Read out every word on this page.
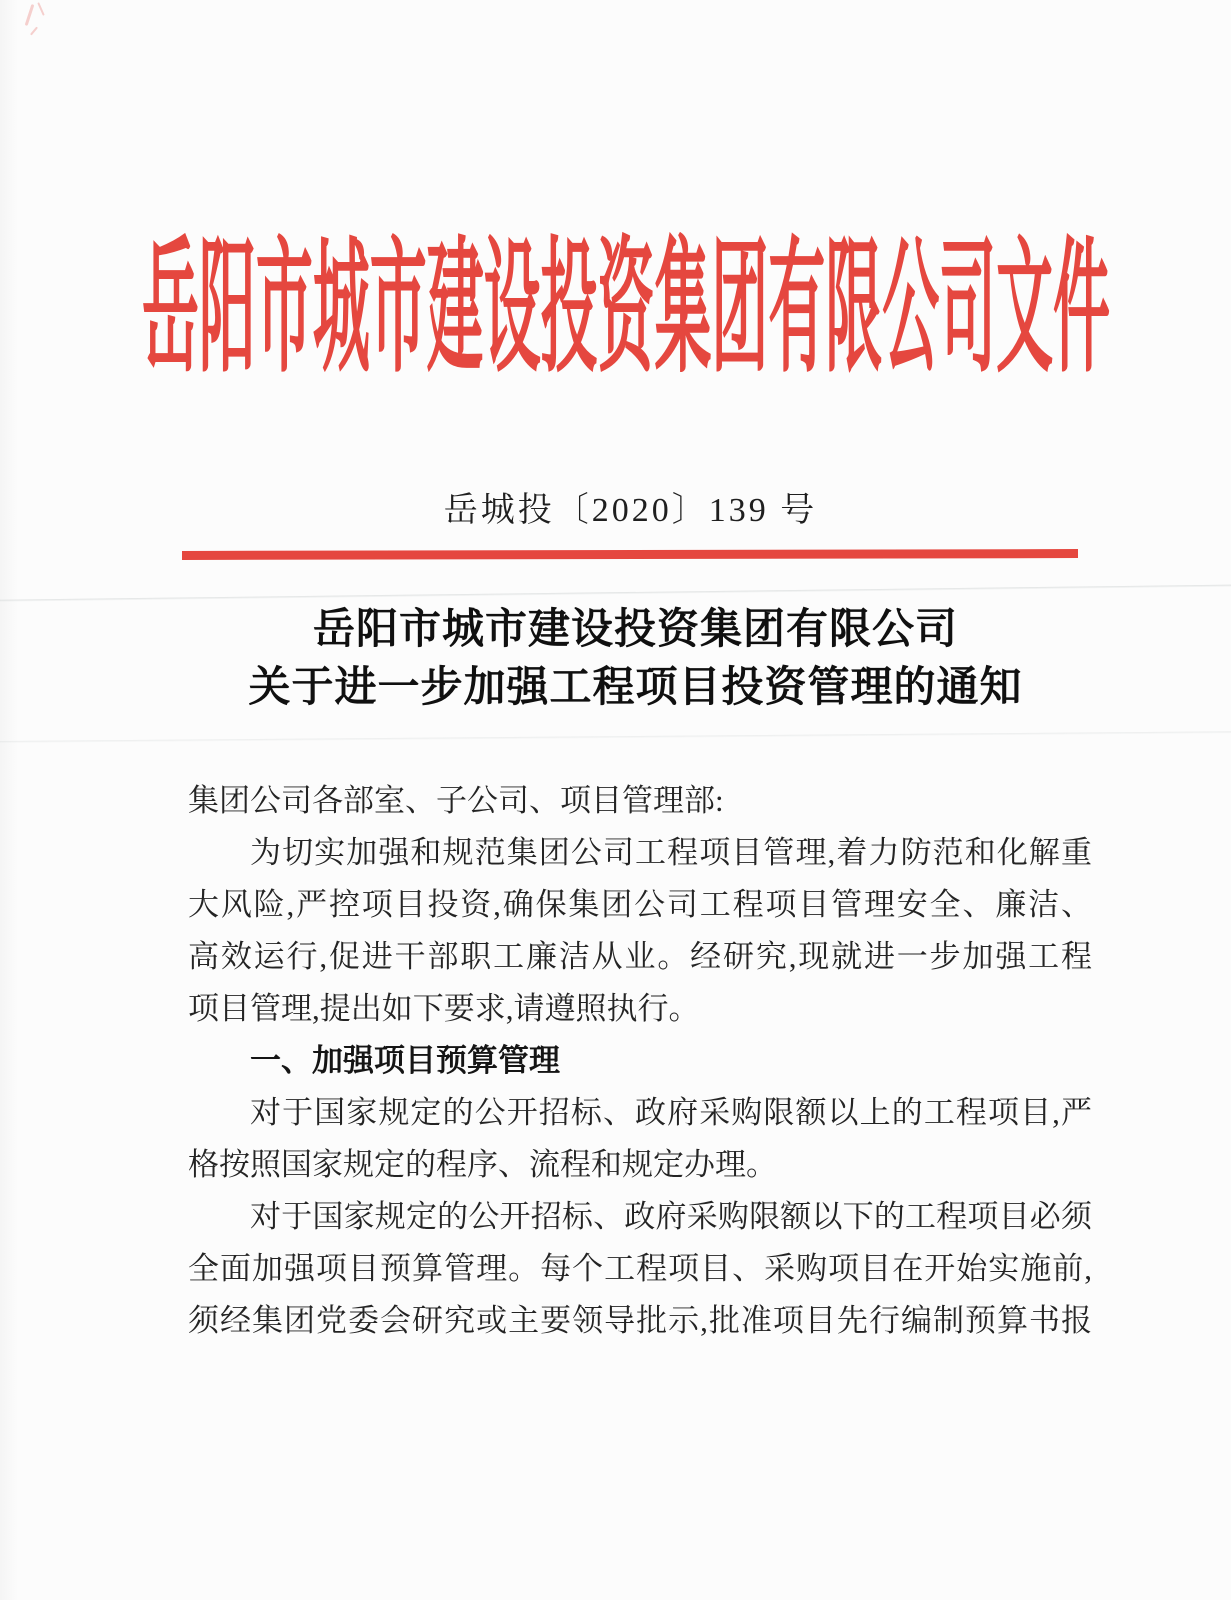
岳阳市城市建设投资集团有限公司文件
岳城投〔2020〕139 号
岳阳市城市建设投资集团有限公司
关于进一步加强工程项目投资管理的通知
集团公司各部室、子公司、项目管理部:
为切实加强和规范集团公司工程项目管理,着力防范和化解重
大风险,严控项目投资,确保集团公司工程项目管理安全、廉洁、
高效运行,促进干部职工廉洁从业。经研究,现就进一步加强工程
项目管理,提出如下要求,请遵照执行。
一、加强项目预算管理
对于国家规定的公开招标、政府采购限额以上的工程项目,严
格按照国家规定的程序、流程和规定办理。
对于国家规定的公开招标、政府采购限额以下的工程项目必须
全面加强项目预算管理。每个工程项目、采购项目在开始实施前,
须经集团党委会研究或主要领导批示,批准项目先行编制预算书报
